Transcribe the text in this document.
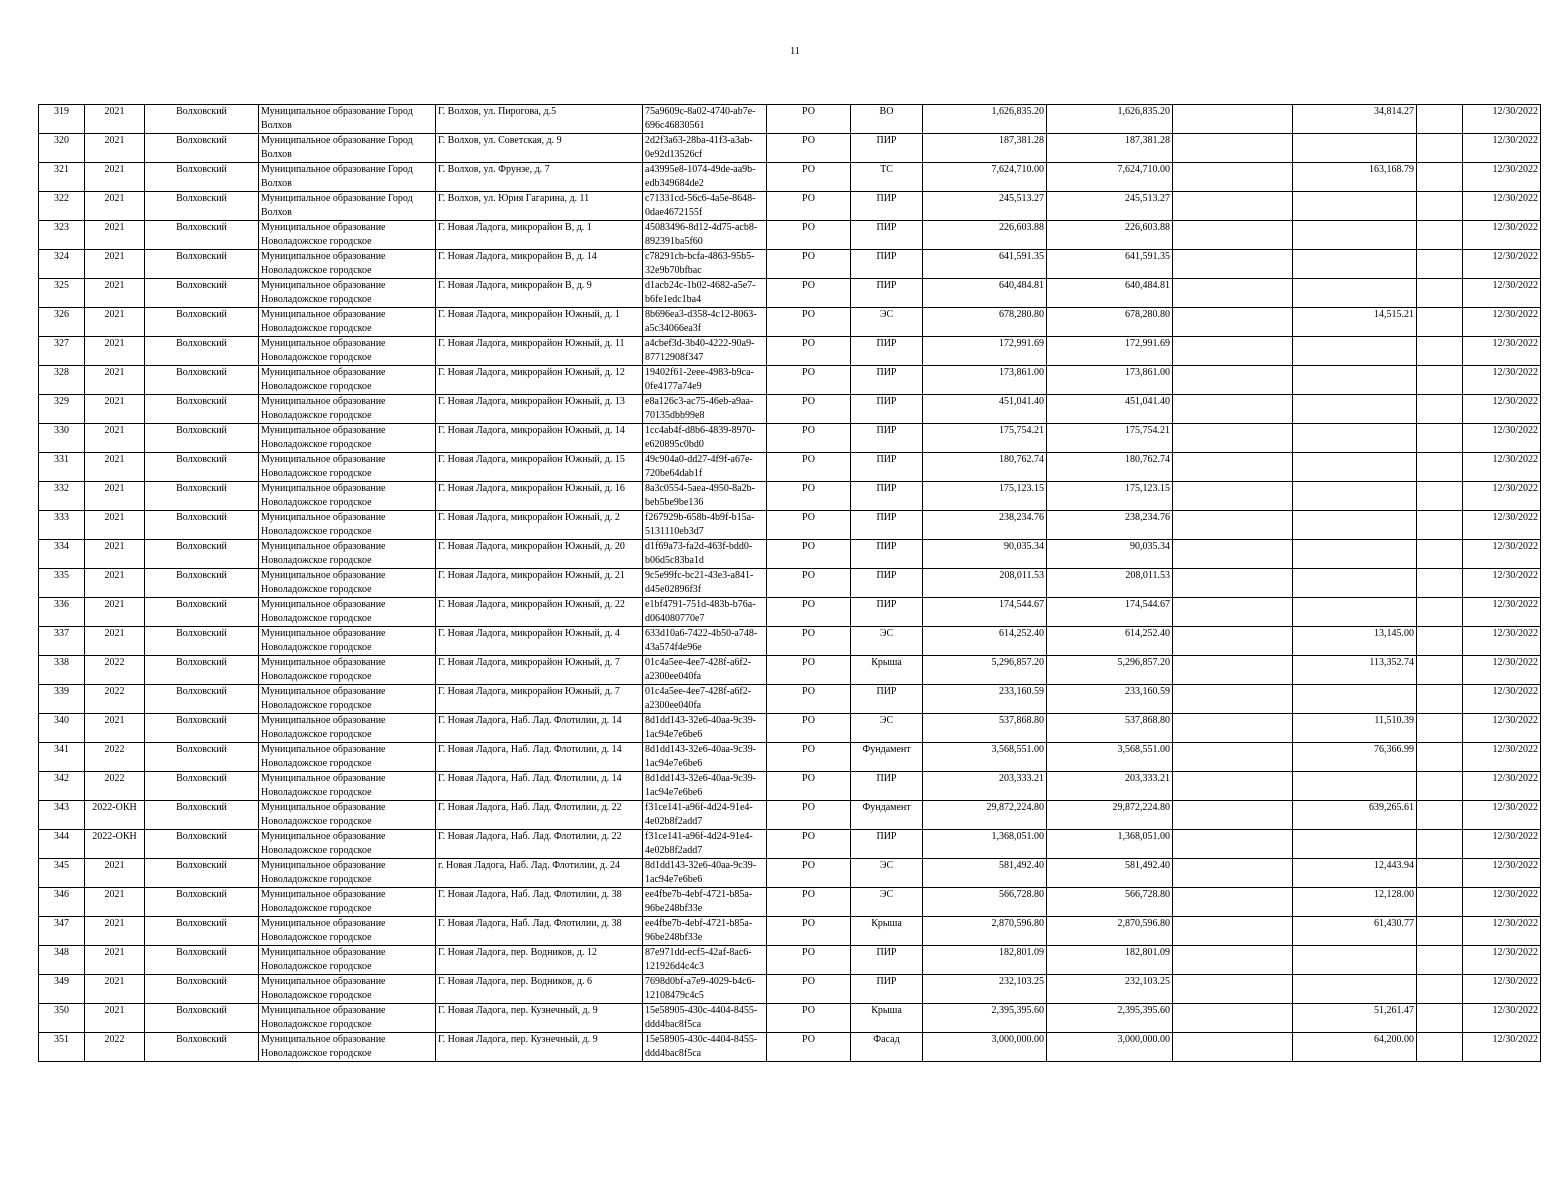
11
319	2021	Волховский	Муниципальное образование Город Волхов	Г. Волхов, ул. Пирогова, д.5	75a9609c-8a02-4740-ab7e-696c46830561	РО	ВО	1,626,835.20	1,626,835.20		34,814.27		12/30/2022
320	2021	Волховский	Муниципальное образование Город Волхов	Г. Волхов, ул. Советская, д. 9	2d2f3a63-28ba-41f3-a3ab-0e92d13526cf	РО	ПИР	187,381.28	187,381.28				12/30/2022
321	2021	Волховский	Муниципальное образование Город Волхов	Г. Волхов, ул. Фрунзе, д. 7	a43995e8-1074-49de-aa9b-edb349684de2	РО	ТС	7,624,710.00	7,624,710.00		163,168.79		12/30/2022
322	2021	Волховский	Муниципальное образование Город Волхов	Г. Волхов, ул. Юрия Гагарина, д. 11	c71331cd-56c6-4a5e-8648-0dae4672155f	РО	ПИР	245,513.27	245,513.27				12/30/2022
323	2021	Волховский	Муниципальное образование Новоладожское городское	Г. Новая Ладога, микрорайон В, д. 1	45083496-8d12-4d75-acb8-892391ba5f60	РО	ПИР	226,603.88	226,603.88				12/30/2022
324	2021	Волховский	Муниципальное образование Новоладожское городское	Г. Новая Ладога, микрорайон В, д. 14	c78291cb-bcfa-4863-95b5-32e9b70bfbac	РО	ПИР	641,591.35	641,591.35				12/30/2022
325	2021	Волховский	Муниципальное образование Новоладожское городское	Г. Новая Ладога, микрорайон В, д. 9	d1acb24c-1b02-4682-a5e7-b6fe1edc1ba4	РО	ПИР	640,484.81	640,484.81				12/30/2022
326	2021	Волховский	Муниципальное образование Новоладожское городское	Г. Новая Ладога, микрорайон Южный, д. 1	8b696ea3-d358-4c12-8063-a5c34066ea3f	РО	ЭС	678,280.80	678,280.80		14,515.21		12/30/2022
327	2021	Волховский	Муниципальное образование Новоладожское городское	Г. Новая Ладога, микрорайон Южный, д. 11	a4cbef3d-3b40-4222-90a9-87712908f347	РО	ПИР	172,991.69	172,991.69				12/30/2022
328	2021	Волховский	Муниципальное образование Новоладожское городское	Г. Новая Ладога, микрорайон Южный, д. 12	19402f61-2eee-4983-b9ca-0fe4177a74e9	РО	ПИР	173,861.00	173,861.00				12/30/2022
329	2021	Волховский	Муниципальное образование Новоладожское городское	Г. Новая Ладога, микрорайон Южный, д. 13	e8a126c3-ac75-46eb-a9aa-70135dbb99e8	РО	ПИР	451,041.40	451,041.40				12/30/2022
330	2021	Волховский	Муниципальное образование Новоладожское городское	Г. Новая Ладога, микрорайон Южный, д. 14	1cc4ab4f-d8b6-4839-8970-e620895c0bd0	РО	ПИР	175,754.21	175,754.21				12/30/2022
331	2021	Волховский	Муниципальное образование Новоладожское городское	Г. Новая Ладога, микрорайон Южный, д. 15	49c904a0-dd27-4f9f-a67e-720be64dab1f	РО	ПИР	180,762.74	180,762.74				12/30/2022
332	2021	Волховский	Муниципальное образование Новоладожское городское	Г. Новая Ладога, микрорайон Южный, д. 16	8a3c0554-5aea-4950-8a2b-beb5be9be136	РО	ПИР	175,123.15	175,123.15				12/30/2022
333	2021	Волховский	Муниципальное образование Новоладожское городское	Г. Новая Ладога, микрорайон Южный, д. 2	f267929b-658b-4b9f-b15a-5131110eb3d7	РО	ПИР	238,234.76	238,234.76				12/30/2022
334	2021	Волховский	Муниципальное образование Новоладожское городское	Г. Новая Ладога, микрорайон Южный, д. 20	d1f69a73-fa2d-463f-bdd0-b06d5c83ba1d	РО	ПИР	90,035.34	90,035.34				12/30/2022
335	2021	Волховский	Муниципальное образование Новоладожское городское	Г. Новая Ладога, микрорайон Южный, д. 21	9c5e99fc-bc21-43e3-a841-d45e02896f3f	РО	ПИР	208,011.53	208,011.53				12/30/2022
336	2021	Волховский	Муниципальное образование Новоладожское городское	Г. Новая Ладога, микрорайон Южный, д. 22	e1bf4791-751d-483b-b76a-d064080770e7	РО	ПИР	174,544.67	174,544.67				12/30/2022
337	2021	Волховский	Муниципальное образование Новоладожское городское	Г. Новая Ладога, микрорайон Южный, д. 4	633d10a6-7422-4b50-a748-43a574f4e96e	РО	ЭС	614,252.40	614,252.40		13,145.00		12/30/2022
338	2022	Волховский	Муниципальное образование Новоладожское городское	Г. Новая Ладога, микрорайон Южный, д. 7	01c4a5ee-4ee7-428f-a6f2-a2300ee040fa	РО	Крыша	5,296,857.20	5,296,857.20		113,352.74		12/30/2022
339	2022	Волховский	Муниципальное образование Новоладожское городское	Г. Новая Ладога, микрорайон Южный, д. 7	01c4a5ee-4ee7-428f-a6f2-a2300ee040fa	РО	ПИР	233,160.59	233,160.59				12/30/2022
340	2021	Волховский	Муниципальное образование Новоладожское городское	Г. Новая Ладога, Наб. Лад. Флотилии, д. 14	8d1dd143-32e6-40aa-9c39-1ac94e7e6be6	РО	ЭС	537,868.80	537,868.80		11,510.39		12/30/2022
341	2022	Волховский	Муниципальное образование Новоладожское городское	Г. Новая Ладога, Наб. Лад. Флотилии, д. 14	8d1dd143-32e6-40aa-9c39-1ac94e7e6be6	РО	Фундамент	3,568,551.00	3,568,551.00		76,366.99		12/30/2022
342	2022	Волховский	Муниципальное образование Новоладожское городское	Г. Новая Ладога, Наб. Лад. Флотилии, д. 14	8d1dd143-32e6-40aa-9c39-1ac94e7e6be6	РО	ПИР	203,333.21	203,333.21				12/30/2022
343	2022-ОКН	Волховский	Муниципальное образование Новоладожское городское	Г. Новая Ладога, Наб. Лад. Флотилии, д. 22	f31ce141-a96f-4d24-91e4-4e02b8f2add7	РО	Фундамент	29,872,224.80	29,872,224.80		639,265.61		12/30/2022
344	2022-ОКН	Волховский	Муниципальное образование Новоладожское городское	Г. Новая Ладога, Наб. Лад. Флотилии, д. 22	f31ce141-a96f-4d24-91e4-4e02b8f2add7	РО	ПИР	1,368,051.00	1,368,051.00				12/30/2022
345	2021	Волховский	Муниципальное образование Новоладожское городское	г. Новая Ладога, Наб. Лад. Флотилии, д. 24	8d1dd143-32e6-40aa-9c39-1ac94e7e6be6	РО	ЭС	581,492.40	581,492.40		12,443.94		12/30/2022
346	2021	Волховский	Муниципальное образование Новоладожское городское	Г. Новая Ладога, Наб. Лад. Флотилии, д. 38	ee4fbe7b-4ebf-4721-b85a-96be248bf33e	РО	ЭС	566,728.80	566,728.80		12,128.00		12/30/2022
347	2021	Волховский	Муниципальное образование Новоладожское городское	Г. Новая Ладога, Наб. Лад. Флотилии, д. 38	ee4fbe7b-4ebf-4721-b85a-96be248bf33e	РО	Крыша	2,870,596.80	2,870,596.80		61,430.77		12/30/2022
348	2021	Волховский	Муниципальное образование Новоладожское городское	Г. Новая Ладога, пер. Водников, д. 12	87e971dd-ecf5-42af-8ac6-121926d4c4c3	РО	ПИР	182,801.09	182,801.09				12/30/2022
349	2021	Волховский	Муниципальное образование Новоладожское городское	Г. Новая Ладога, пер. Водников, д. 6	7698d0bf-a7e9-4029-b4c6-12108479c4c5	РО	ПИР	232,103.25	232,103.25				12/30/2022
350	2021	Волховский	Муниципальное образование Новоладожское городское	Г. Новая Ладога, пер. Кузнечный, д. 9	15e58905-430c-4404-8455-ddd4bac8f5ca	РО	Крыша	2,395,395.60	2,395,395.60		51,261.47		12/30/2022
351	2022	Волховский	Муниципальное образование Новоладожское городское	Г. Новая Ладога, пер. Кузнечный, д. 9	15e58905-430c-4404-8455-ddd4bac8f5ca	РО	Фасад	3,000,000.00	3,000,000.00		64,200.00		12/30/2022
